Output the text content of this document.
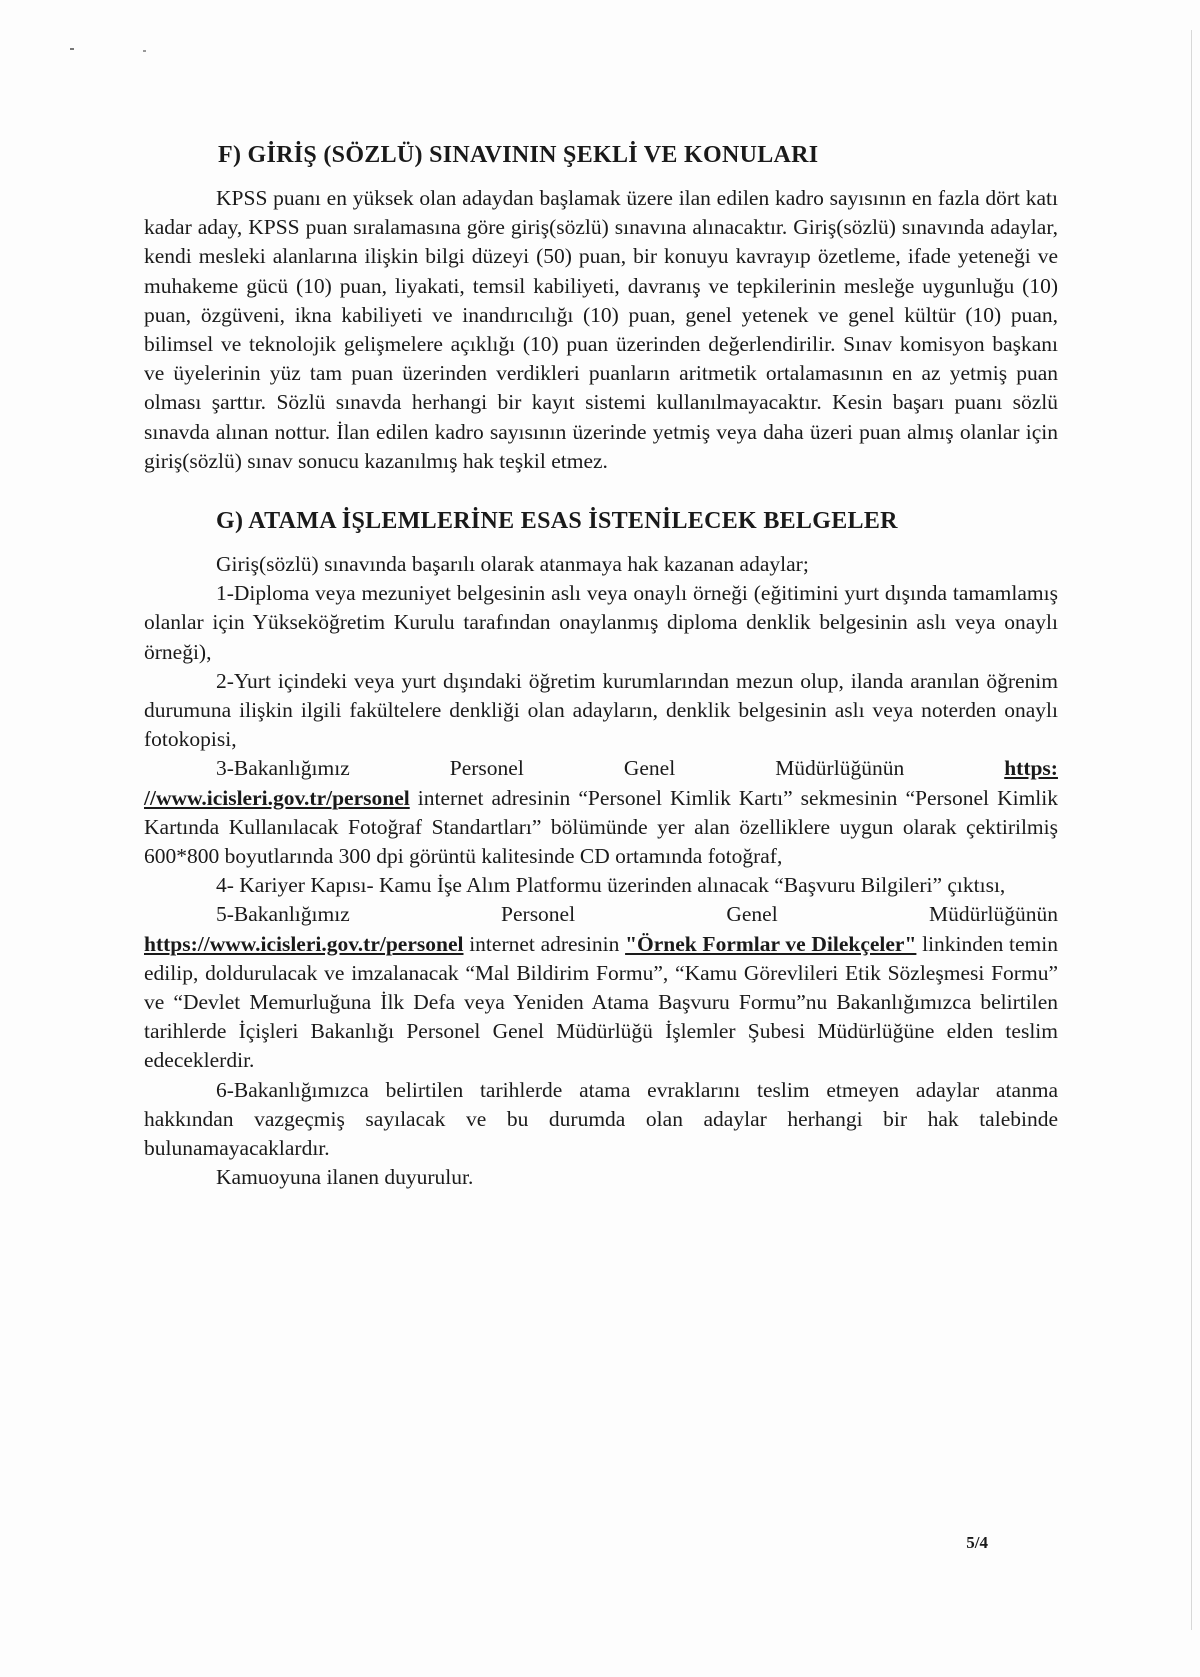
F) GİRİŞ (SÖZLÜ) SINAVININ ŞEKLİ VE KONULARI

KPSS puanı en yüksek olan adaydan başlamak üzere ilan edilen kadro sayısının en fazla dört katı kadar aday, KPSS puan sıralamasına göre giriş(sözlü) sınavına alınacaktır. Giriş(sözlü) sınavında adaylar, kendi mesleki alanlarına ilişkin bilgi düzeyi (50) puan, bir konuyu kavrayıp özetleme, ifade yeteneği ve muhakeme gücü (10) puan, liyakati, temsil kabiliyeti, davranış ve tepkilerinin mesleğe uygunluğu (10) puan, özgüveni, ikna kabiliyeti ve inandırıcılığı (10) puan, genel yetenek ve genel kültür (10) puan, bilimsel ve teknolojik gelişmelere açıklığı (10) puan üzerinden değerlendirilir. Sınav komisyon başkanı ve üyelerinin yüz tam puan üzerinden verdikleri puanların aritmetik ortalamasının en az yetmiş puan olması şarttır. Sözlü sınavda herhangi bir kayıt sistemi kullanılmayacaktır. Kesin başarı puanı sözlü sınavda alınan nottur. İlan edilen kadro sayısının üzerinde yetmiş veya daha üzeri puan almış olanlar için giriş(sözlü) sınav sonucu kazanılmış hak teşkil etmez.

G) ATAMA İŞLEMLERİNE ESAS İSTENİLECEK BELGELER

Giriş(sözlü) sınavında başarılı olarak atanmaya hak kazanan adaylar;

1-Diploma veya mezuniyet belgesinin aslı veya onaylı örneği (eğitimini yurt dışında tamamlamış olanlar için Yükseköğretim Kurulu tarafından onaylanmış diploma denklik belgesinin aslı veya onaylı örneği),

2-Yurt içindeki veya yurt dışındaki öğretim kurumlarından mezun olup, ilanda aranılan öğrenim durumuna ilişkin ilgili fakültelere denkliği olan adayların, denklik belgesinin aslı veya noterden onaylı fotokopisi,

3-Bakanlığımız	Personel	Genel	Müdürlüğünün	https:

//www.icisleri.gov.tr/personel internet adresinin “Personel Kimlik Kartı” sekmesinin “Personel Kimlik Kartında Kullanılacak Fotoğraf Standartları” bölümünde yer alan özelliklere uygun olarak çektirilmiş 600*800 boyutlarında 300 dpi görüntü kalitesinde CD ortamında fotoğraf,

4- Kariyer Kapısı- Kamu İşe Alım Platformu üzerinden alınacak “Başvuru Bilgileri” çıktısı,

5-Bakanlığımız	Personel	Genel	Müdürlüğünün

https://www.icisleri.gov.tr/personel internet adresinin "Örnek Formlar ve Dilekçeler" linkinden temin edilip, doldurulacak ve imzalanacak “Mal Bildirim Formu”, “Kamu Görevlileri Etik Sözleşmesi Formu” ve “Devlet Memurluğuna İlk Defa veya Yeniden Atama Başvuru Formu”nu Bakanlığımızca belirtilen tarihlerde İçişleri Bakanlığı Personel Genel Müdürlüğü İşlemler Şubesi Müdürlüğüne elden teslim edeceklerdir.

6-Bakanlığımızca belirtilen tarihlerde atama evraklarını teslim etmeyen adaylar atanma hakkından vazgeçmiş sayılacak ve bu durumda olan adaylar herhangi bir hak talebinde bulunamayacaklardır.

Kamuoyuna ilanen duyurulur.

5/4
